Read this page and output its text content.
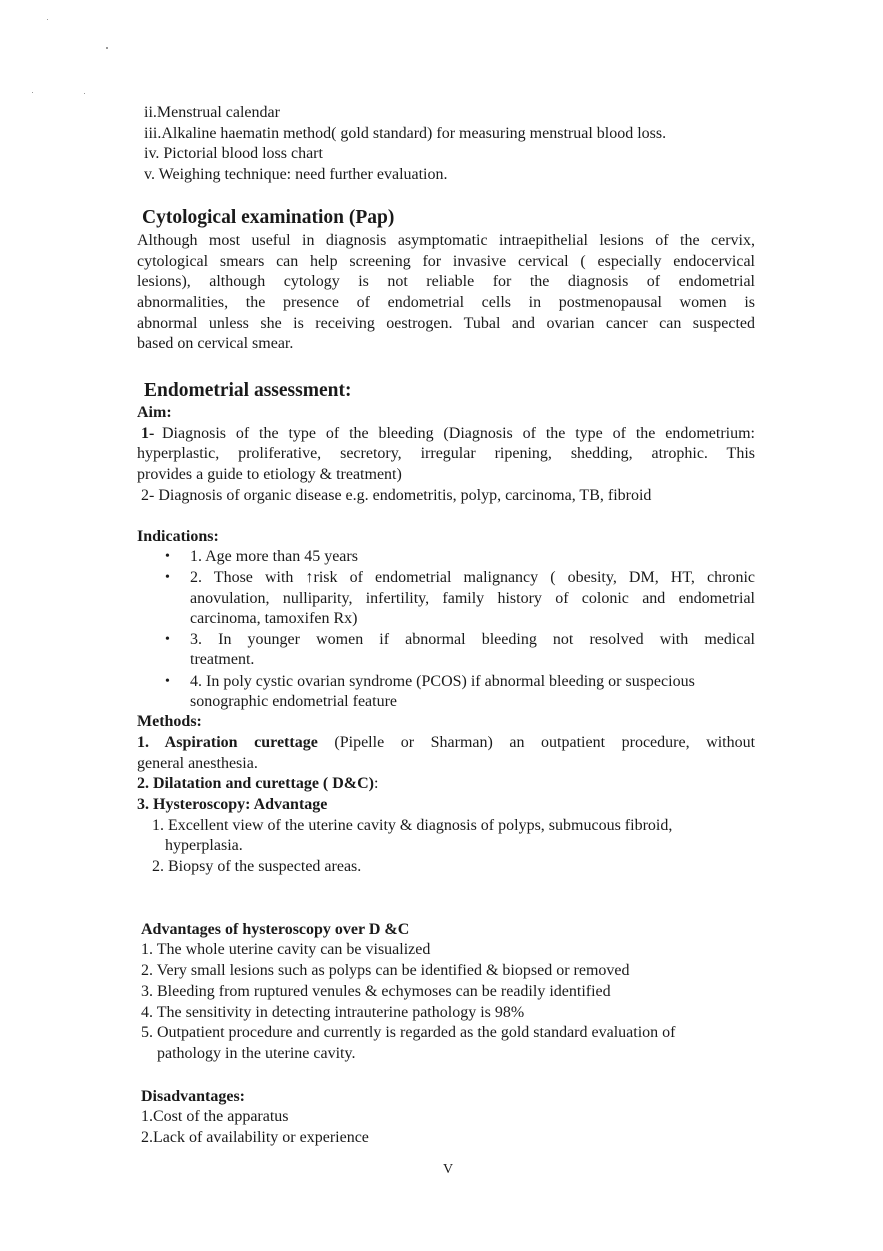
ii.Menstrual calendar
iii.Alkaline haematin method( gold standard) for measuring menstrual blood loss.
iv. Pictorial blood loss chart
v. Weighing technique: need further evaluation.
Cytological examination (Pap)
Although most useful in diagnosis asymptomatic intraepithelial lesions of the cervix,
cytological smears can help screening for invasive cervical ( especially endocervical
lesions), although cytology is not reliable for the diagnosis of endometrial
abnormalities, the presence of endometrial cells in postmenopausal women is
abnormal unless she is receiving oestrogen. Tubal and ovarian cancer can suspected
based on cervical smear.
Endometrial assessment:
Aim:
1- Diagnosis of the type of the bleeding (Diagnosis of the type of the endometrium:
hyperplastic, proliferative, secretory, irregular ripening, shedding, atrophic. This
provides a guide to etiology & treatment)
2- Diagnosis of organic disease e.g. endometritis, polyp, carcinoma, TB, fibroid
Indications:
• 1. Age more than 45 years
• 2. Those with ↑risk of endometrial malignancy ( obesity, DM, HT, chronic
anovulation, nulliparity, infertility, family history of colonic and endometrial
carcinoma, tamoxifen Rx)
• 3. In younger women if abnormal bleeding not resolved with medical
treatment.
• 4. In poly cystic ovarian syndrome (PCOS) if abnormal bleeding or suspecious
sonographic endometrial feature
Methods:
1. Aspiration curettage (Pipelle or Sharman) an outpatient procedure, without
general anesthesia.
2. Dilatation and curettage ( D&C):
3. Hysteroscopy: Advantage
1. Excellent view of the uterine cavity & diagnosis of polyps, submucous fibroid,
hyperplasia.
2. Biopsy of the suspected areas.
Advantages of hysteroscopy over D &C
1. The whole uterine cavity can be visualized
2. Very small lesions such as polyps can be identified & biopsed or removed
3. Bleeding from ruptured venules & echymoses can be readily identified
4. The sensitivity in detecting intrauterine pathology is 98%
5. Outpatient procedure and currently is regarded as the gold standard evaluation of
pathology in the uterine cavity.
Disadvantages:
1.Cost of the apparatus
2.Lack of availability or experience
V
